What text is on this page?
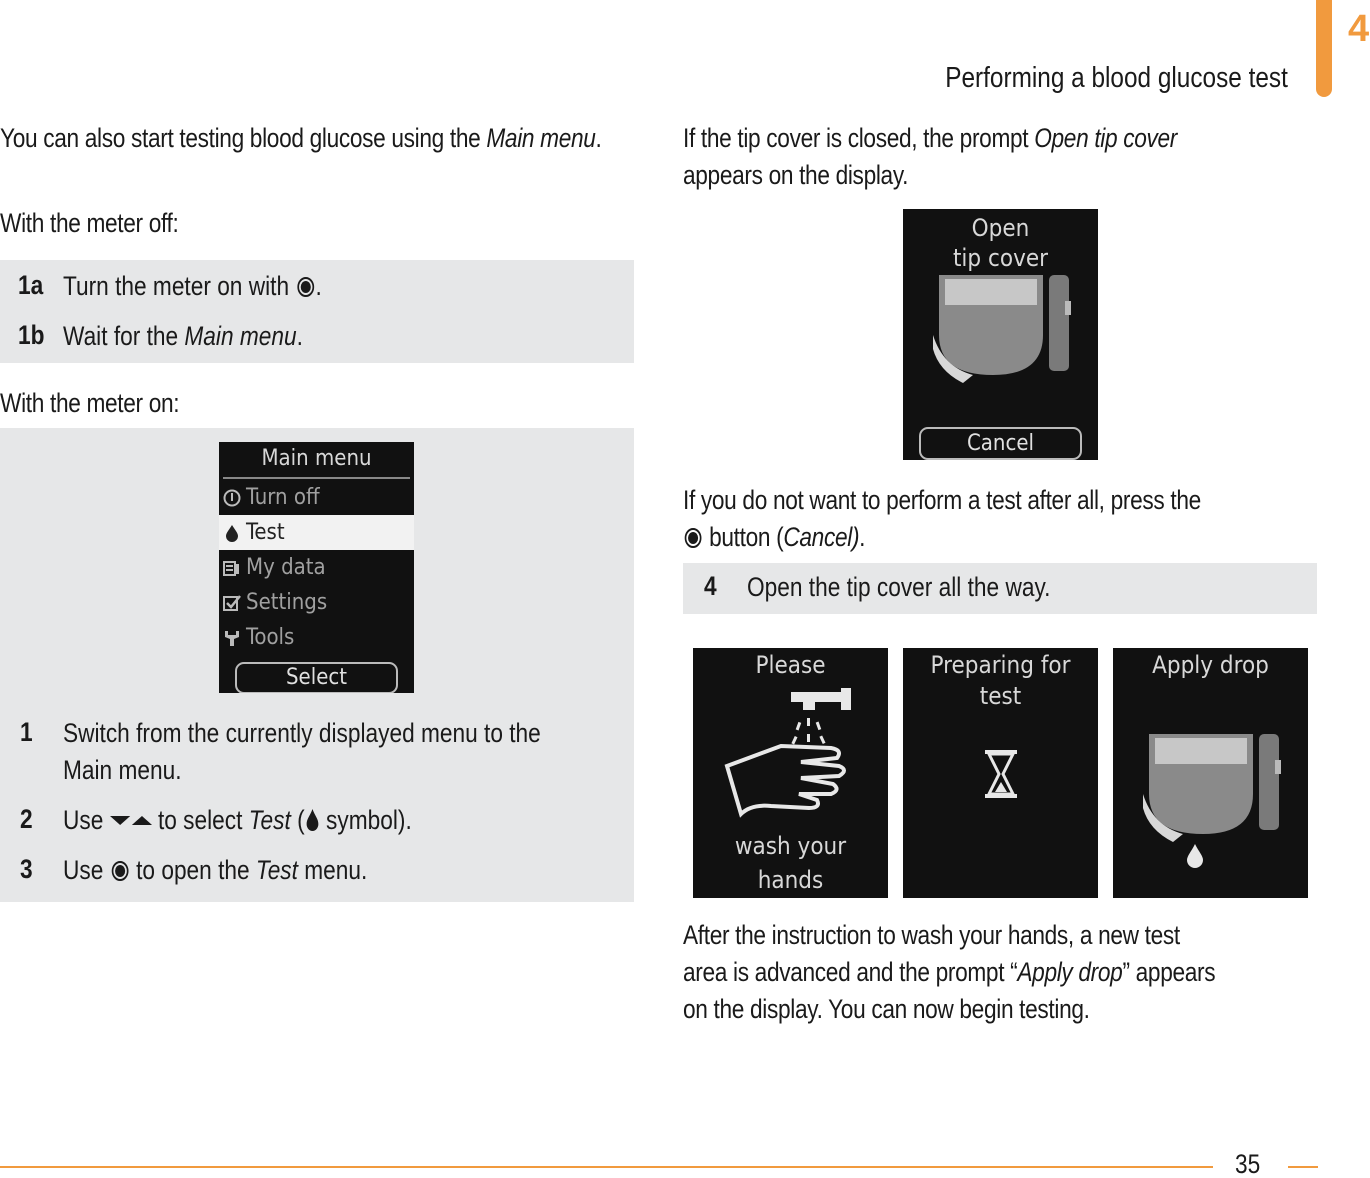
Performing a blood glucose test
4
You can also start testing blood glucose using the Main menu.
With the meter off:
1a Turn the meter on with .
1b Wait for the Main menu.
With the meter on:
Main menu
Turn off
Test
My data
Settings
Tools
Select
1 Switch from the currently displayed menu to the
Main menu.
2 Use to select Test ( symbol).
3 Use to open the Test menu.
If the tip cover is closed, the prompt Open tip cover
appears on the display.
Open
tip cover
Cancel
If you do not want to perform a test after all, press the
button (Cancel).
4 Open the tip cover all the way.
Please
wash your
hands
Preparing for
test
Apply drop
After the instruction to wash your hands, a new test
area is advanced and the prompt “Apply drop” appears
on the display. You can now begin testing.
35
